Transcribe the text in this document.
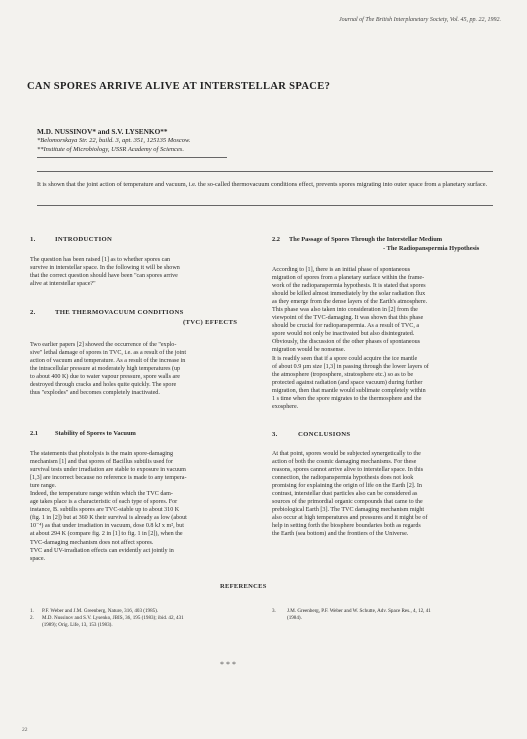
Journal of The British Interplanetary Society, Vol. 45, pp. 22, 1992.
CAN SPORES ARRIVE ALIVE AT INTERSTELLAR SPACE?
M.D. NUSSINOV* and S.V. LYSENKO**
*Belomorskaya Str. 22, build. 3, apt. 351, 125135 Moscow.
**Institute of Microbiology, USSR Academy of Sciences.
It is shown that the joint action of temperature and vacuum, i.e. the so-called thermovacuum conditions effect, prevents spores migrating into outer space from a planetary surface.
1.	INTRODUCTION
The question has been raised [1] as to whether spores can
survive in interstellar space. In the following it will be shown
that the correct question should have been "can spores arrive
alive at interstellar space?"
2.	THE THERMOVACUUM CONDITIONS
(TVC) EFFECTS
Two earlier papers [2] showed the occurrence of the "explo-
sive" lethal damage of spores in TVC, i.e. as a result of the joint
action of vacuum and temperature. As a result of the increase in
the intracellular pressure at moderately high temperatures (up
to about 400 K) due to water vapour pressure, spore walls are
destroyed through cracks and holes quite quickly. The spore
thus "explodes" and becomes completely inactivated.
2.1	Stability of Spores to Vacuum
The statements that photolysis is the main spore-damaging
mechanism [1] and that spores of Bacillus subtilis used for
survival tests under irradiation are stable to exposure in vacuum
[1,3] are incorrect because no reference is made to any tempera-
ture range.
Indeed, the temperature range within which the TVC dam-
age takes place is a characteristic of each type of spores. For
instance, B. subtilis spores are TVC-stable up to about 310 K
(fig. 1 in [2]) but at 360 K their survival is already as low (about
10⁻⁴) as that under irradiation in vacuum, dose 0.8 kJ x m², but
at about 294 K (compare fig. 2 in [1] to fig. 1 in [2]), when the
TVC-damaging mechanism does not affect spores.
TVC and UV-irradiation effects can evidently act jointly in
space.
2.2 The Passage of Spores Through the Interstellar Medium
- The Radiopanspermia Hypothesis
According to [1], there is an initial phase of spontaneous
migration of spores from a planetary surface within the frame-
work of the radiopanspermia hypothesis. It is stated that spores
should be killed almost immediately by the solar radiation flux
as they emerge from the dense layers of the Earth's atmosphere.
This phase was also taken into consideration in [2] from the
viewpoint of the TVC-damaging. It was shown that this phase
should be crucial for radiopanspermia. As a result of TVC, a
spore would not only be inactivated but also disintegrated.
Obviously, the discussion of the other phases of spontaneous
migration would be nonsense.
It is readily seen that if a spore could acquire the ice mantle
of about 0.9 µm size [1,3] in passing through the lower layers of
the atmosphere (troposphere, stratosphere etc.) so as to be
protected against radiation (and space vacuum) during further
migration, then that mantle would sublimate completely within
1 s time when the spore migrates to the thermosphere and the
exosphere.
3.	CONCLUSIONS
At that point, spores would be subjected synergetically to the
action of both the cosmic damaging mechanisms. For these
reasons, spores cannot arrive alive to interstellar space. In this
connection, the radiopanspermia hypothesis does not look
promising for explaining the origin of life on the Earth [2]. In
contrast, interstellar dust particles also can be considered as
sources of the primordial organic compounds that came to the
prebiological Earth [3]. The TVC damaging mechanism might
also occur at high temperatures and pressures and it might be of
help in setting forth the biosphere boundaries both as regards
the Earth (sea bottom) and the frontiers of the Universe.
REFERENCES
1. P.F. Weber and J.M. Greenberg, Nature, 316, 403 (1985).
2. M.D. Nussinov and S.V. Lysenko, JBIS, 36, 195 (1983); ibid. 42, 431
(1989); Orig. Life, 13, 153 (1983).
3. J.M. Greenberg, P.F. Weber and W. Schutte, Adv. Space Res., 4, 12, 41
(1984).
* * *
22
